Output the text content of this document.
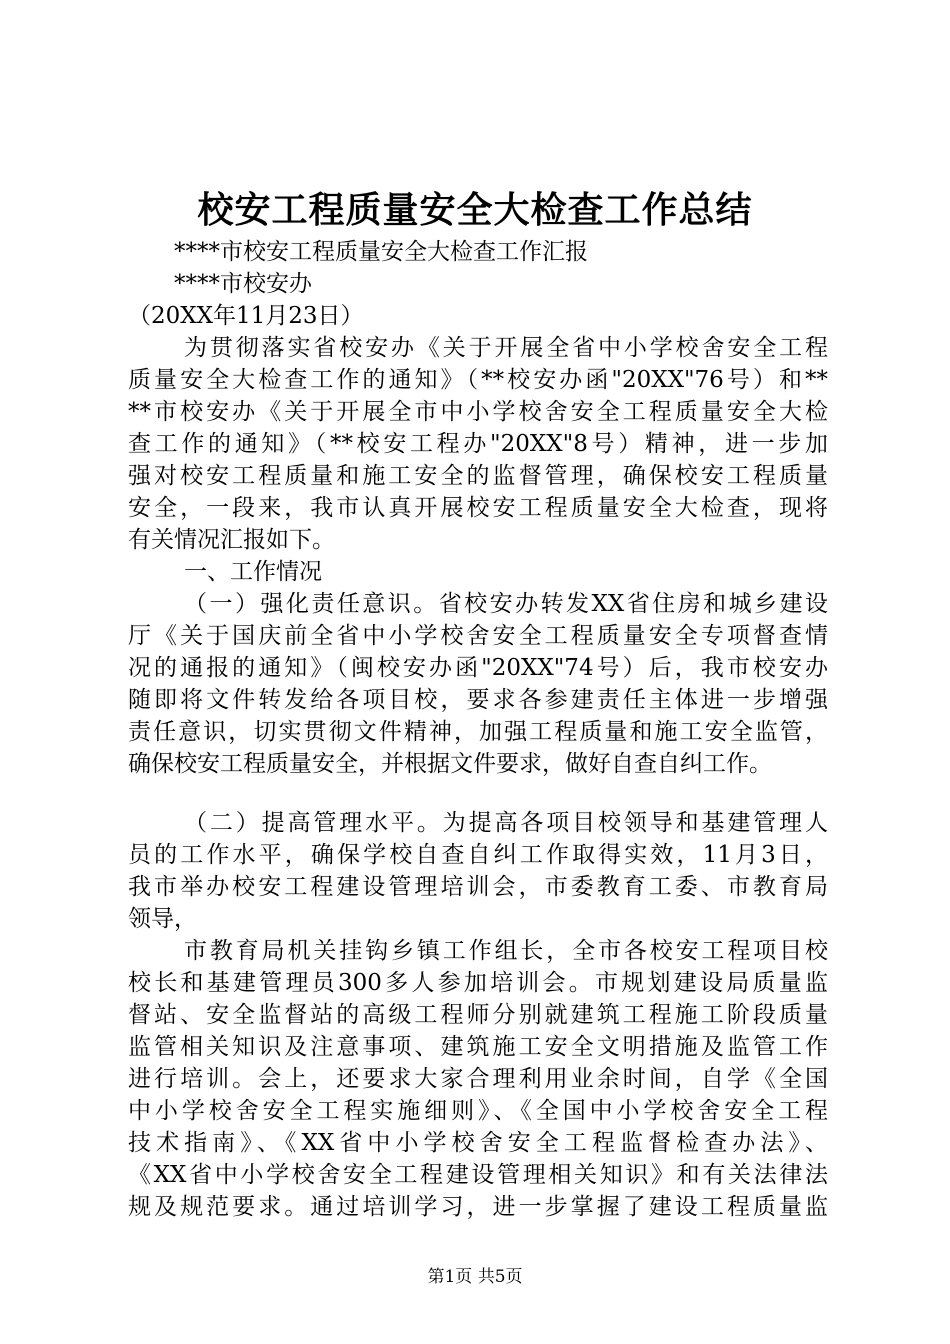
校安工程质量安全大检查工作总结
****市校安工程质量安全大检查工作汇报
****市校安办
（20XX年11月23日）
为贯彻落实省校安办《关于开展全省中小学校舍安全工程
质量安全大检查工作的通知》（**校安办函"20XX"76号）和**
**市校安办《关于开展全市中小学校舍安全工程质量安全大检
查工作的通知》（**校安工程办"20XX"8号）精神，进一步加
强对校安工程质量和施工安全的监督管理，确保校安工程质量
安全，一段来，我市认真开展校安工程质量安全大检查，现将
有关情况汇报如下。
一、工作情况
（一）强化责任意识。省校安办转发XX省住房和城乡建设
厅《关于国庆前全省中小学校舍安全工程质量安全专项督查情
况的通报的通知》（闽校安办函"20XX"74号）后，我市校安办
随即将文件转发给各项目校，要求各参建责任主体进一步增强
责任意识，切实贯彻文件精神，加强工程质量和施工安全监管，
确保校安工程质量安全，并根据文件要求，做好自查自纠工作。
（二）提高管理水平。为提高各项目校领导和基建管理人
员的工作水平，确保学校自查自纠工作取得实效，11月3日，
我市举办校安工程建设管理培训会，市委教育工委、市教育局
领导，
市教育局机关挂钩乡镇工作组长，全市各校安工程项目校
校长和基建管理员300多人参加培训会。市规划建设局质量监
督站、安全监督站的高级工程师分别就建筑工程施工阶段质量
监管相关知识及注意事项、建筑施工安全文明措施及监管工作
进行培训。会上，还要求大家合理利用业余时间，自学《全国
中小学校舍安全工程实施细则》、《全国中小学校舍安全工程
技术指南》、《XX省中小学校舍安全工程监督检查办法》、
《XX省中小学校舍安全工程建设管理相关知识》和有关法律法
规及规范要求。通过培训学习，进一步掌握了建设工程质量监
第1页 共5页
